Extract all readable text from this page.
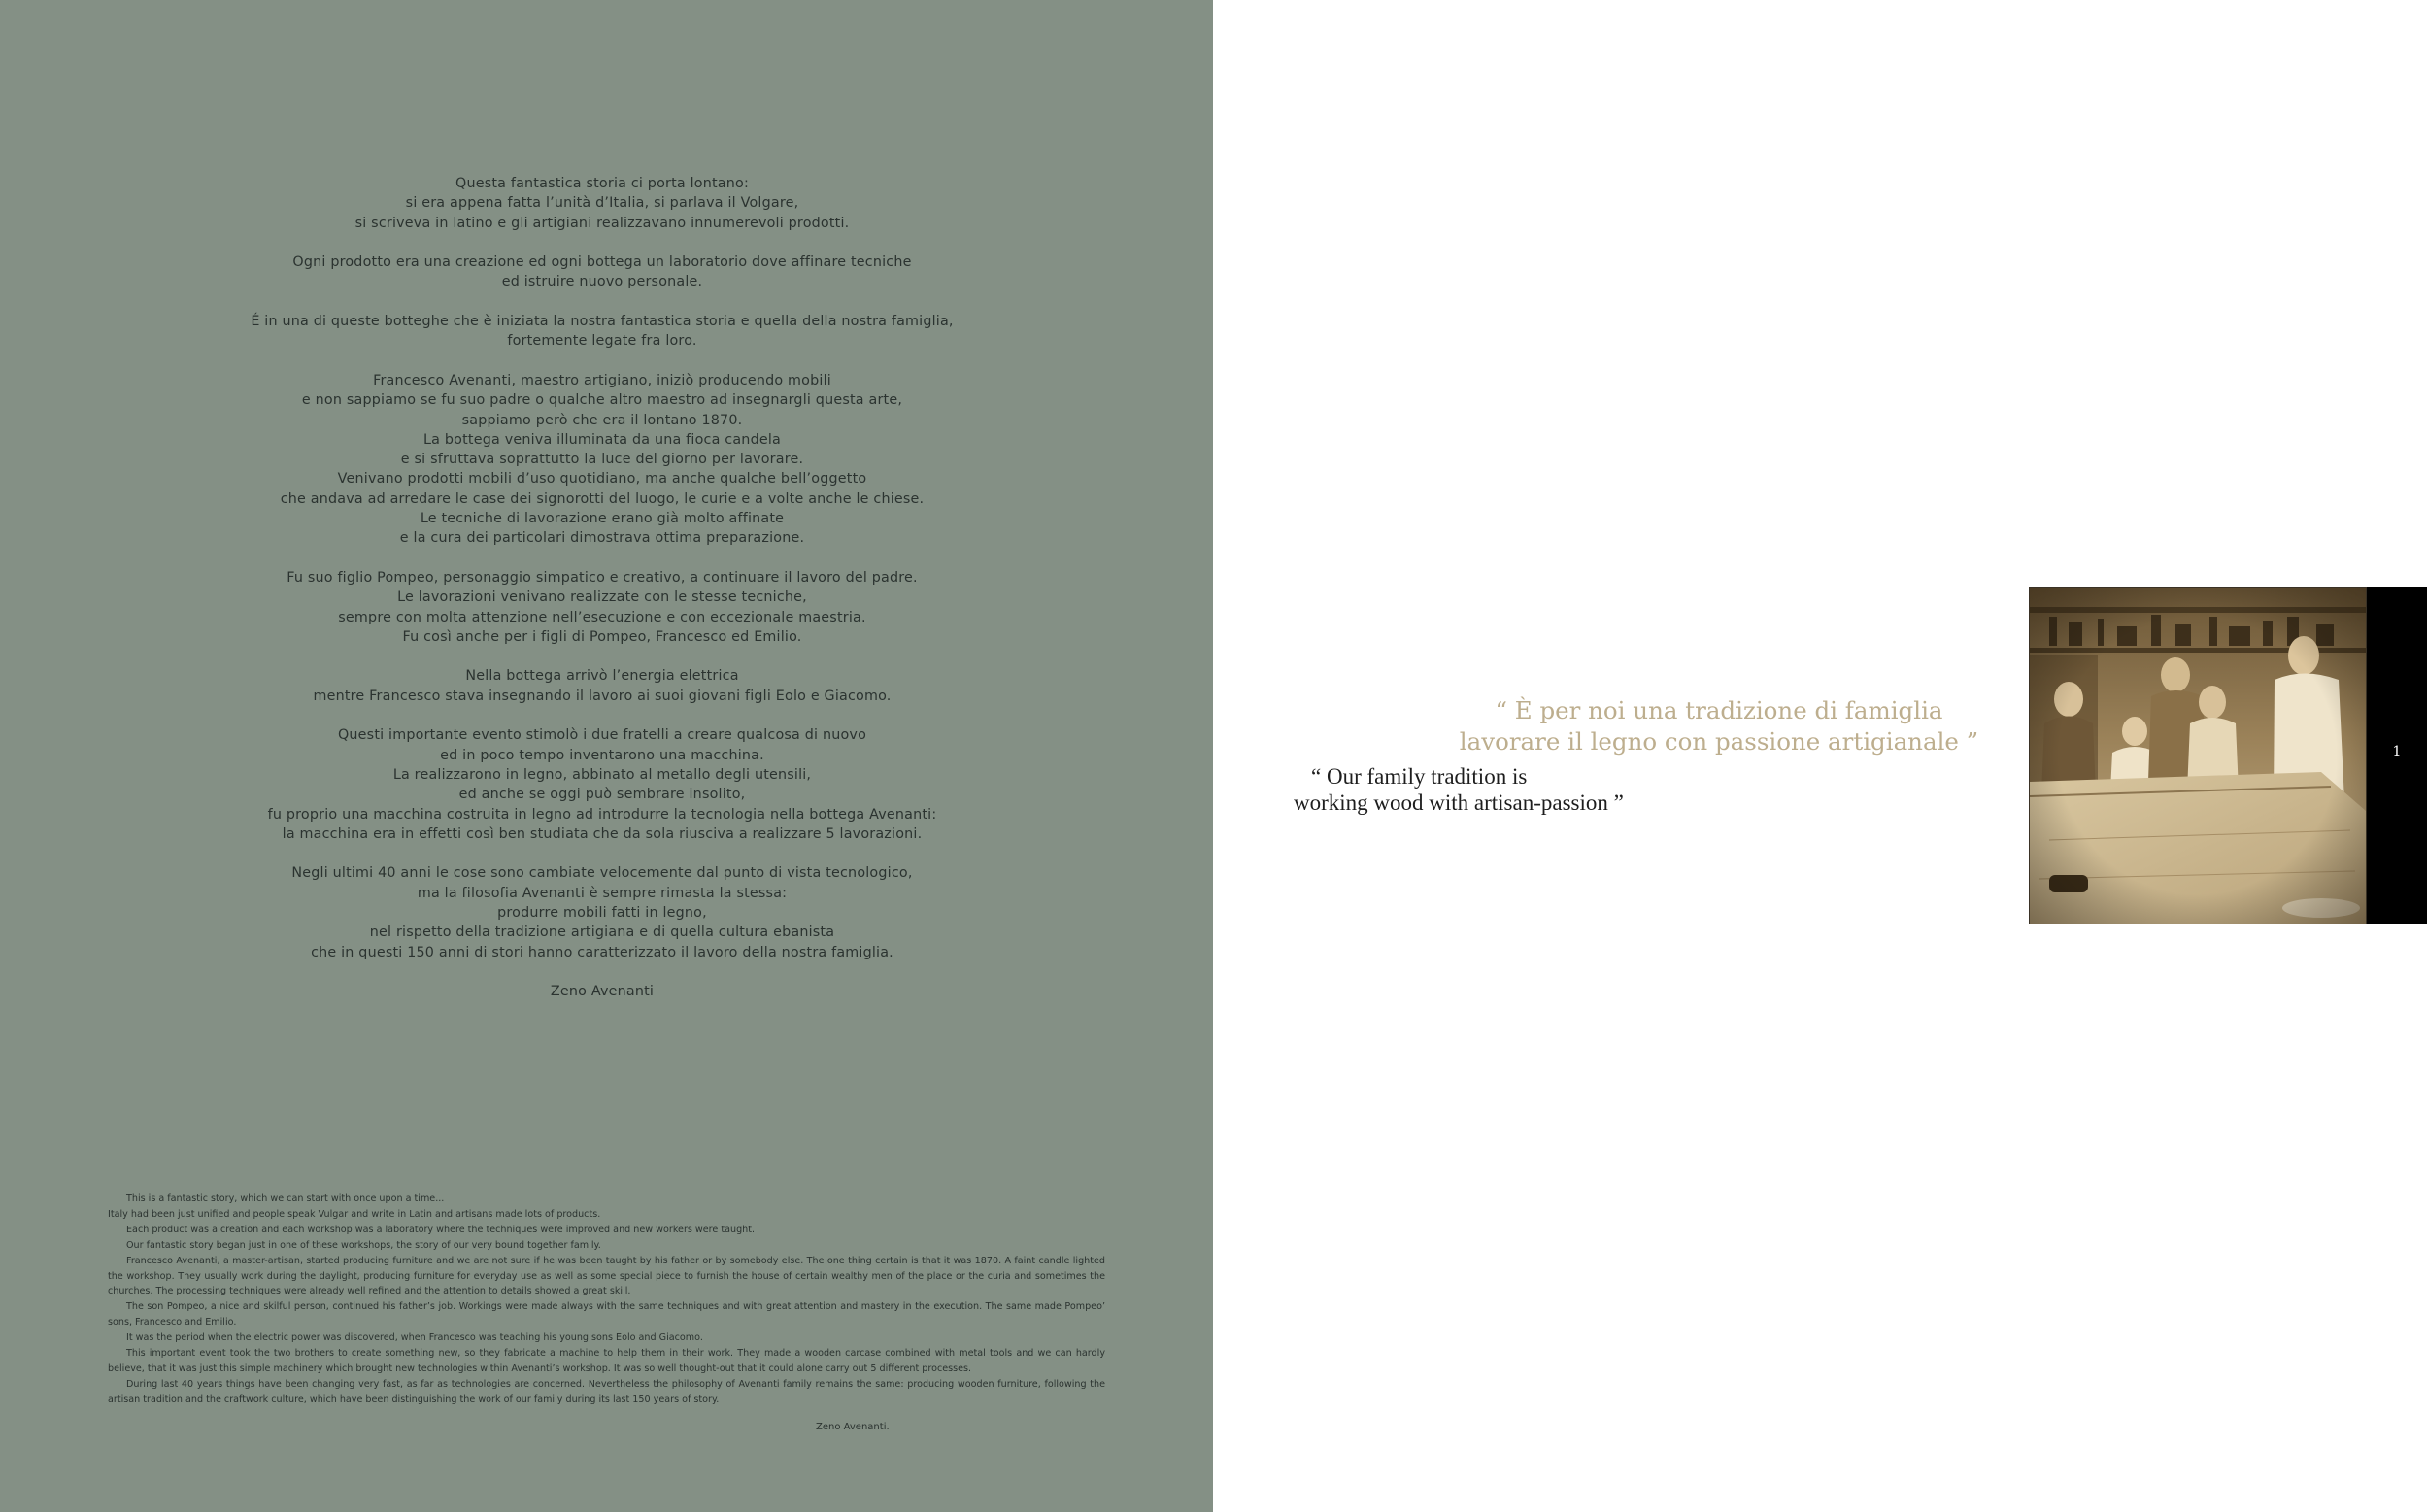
Questa fantastica storia ci porta lontano:
si era appena fatta l’unità d’Italia, si parlava il Volgare,
si scriveva in latino e gli artigiani realizzavano innumerevoli prodotti.
Ogni prodotto era una creazione ed ogni bottega un laboratorio dove affinare tecniche
ed istruire nuovo personale.
É in una di queste botteghe che è iniziata la nostra fantastica storia e quella della nostra famiglia,
fortemente legate fra loro.
Francesco Avenanti, maestro artigiano, iniziò producendo mobili
e non sappiamo se fu suo padre o qualche altro maestro ad insegnargli questa arte,
sappiamo però che era il lontano 1870.
La bottega veniva illuminata da una fioca candela
e si sfruttava soprattutto la luce del giorno per lavorare.
Venivano prodotti mobili d’uso quotidiano, ma anche qualche bell’oggetto
che andava ad arredare le case dei signorotti del luogo, le curie e a volte anche le chiese.
Le tecniche di lavorazione erano già molto affinate
e la cura dei particolari dimostrava ottima preparazione.
Fu suo figlio Pompeo, personaggio simpatico e creativo, a continuare il lavoro del padre.
Le lavorazioni venivano realizzate con le stesse tecniche,
sempre con molta attenzione nell’esecuzione e con eccezionale maestria.
Fu così anche per i figli di Pompeo, Francesco ed Emilio.
Nella bottega arrivò l’energia elettrica
mentre Francesco stava insegnando il lavoro ai suoi giovani figli Eolo e Giacomo.
Questi importante evento stimolò i due fratelli a creare qualcosa di nuovo
ed in poco tempo inventarono una macchina.
La realizzarono in legno, abbinato al metallo degli utensili,
ed anche se oggi può sembrare insolito,
fu proprio una macchina costruita in legno ad introdurre la tecnologia nella bottega Avenanti:
la macchina era in effetti così ben studiata che da sola riusciva a realizzare 5 lavorazioni.
Negli ultimi 40 anni le cose sono cambiate velocemente dal punto di vista tecnologico,
ma la filosofia Avenanti è sempre rimasta la stessa:
produrre mobili fatti in legno,
nel rispetto della tradizione artigiana e di quella cultura ebanista
che in questi 150 anni di stori hanno caratterizzato il lavoro della nostra famiglia.
Zeno Avenanti

This is a fantastic story, which we can start with once upon a time...

Italy had been just unified and people speak Vulgar and write in Latin and artisans made lots of products.

Each product was a creation and each workshop was a laboratory where the techniques were improved and new workers were taught.

Our fantastic story began just in one of these workshops, the story of our very bound together family.

Francesco Avenanti, a master-artisan, started producing furniture and we are not sure if he was been taught by his father or by somebody else. The one thing certain is that it was 1870. A faint candle lighted the workshop. They usually work during the daylight, producing furniture for everyday use as well as some special piece to furnish the house of certain wealthy men of the place or the curia and sometimes the churches. The processing techniques were already well refined and the attention to details showed a great skill.

The son Pompeo, a nice and skilful person, continued his father’s job. Workings were made always with the same techniques and with great attention and mastery in the execution. The same made Pompeo’ sons, Francesco and Emilio.

It was the period when the electric power was discovered, when Francesco was teaching his young sons Eolo and Giacomo.

This important event took the two brothers to create something new, so they fabricate a machine to help them in their work. They made a wooden carcase combined with metal tools and we can hardly believe, that it was just this simple machinery which brought new technologies within Avenanti’s workshop. It was so well thought-out that it could alone carry out 5 different processes.

During last 40 years things have been changing very fast, as far as technologies are concerned. Nevertheless the philosophy of Avenanti family remains the same: producing wooden furniture, following the artisan tradition and the craftwork culture, which have been distinguishing the work of our family during its last 150 years of story.

Zeno Avenanti.
“ È per noi una tradizione di famiglia
lavorare il legno con passione artigianale ”
“ Our family tradition is
working wood with artisan-passion ”
1
